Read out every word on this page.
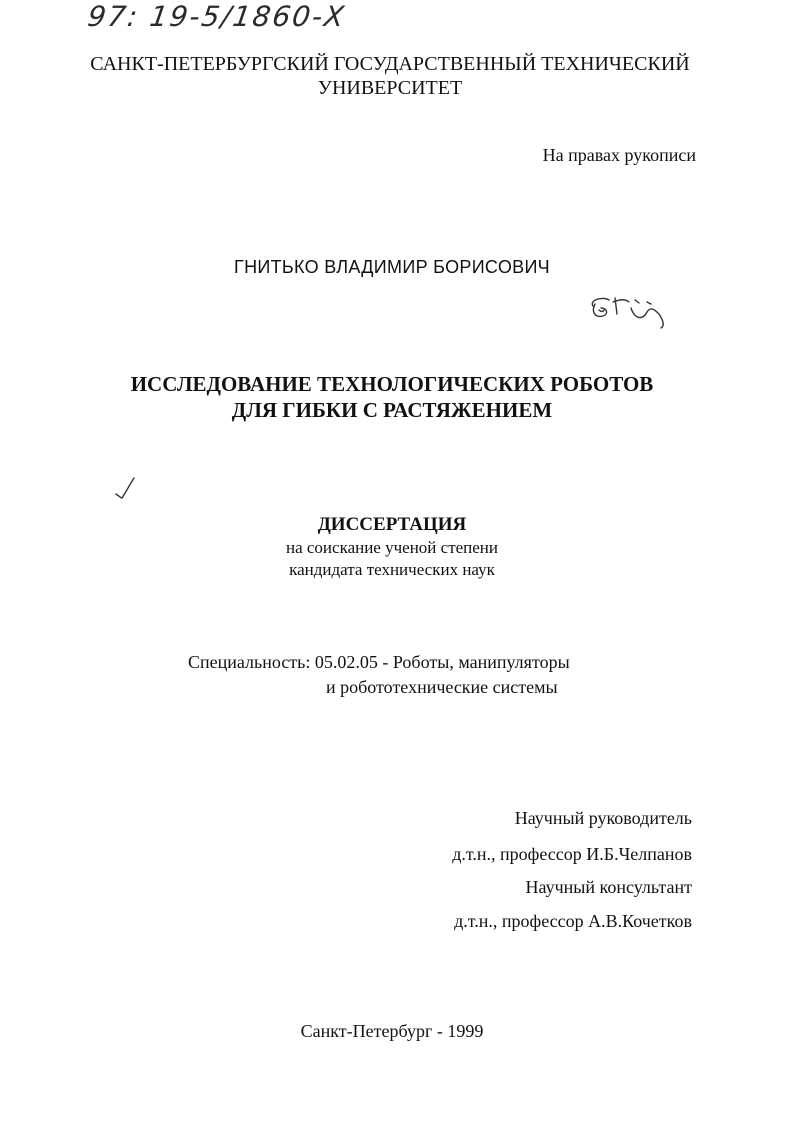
97: 19-5/1860-Х
САНКТ-ПЕТЕРБУРГСКИЙ ГОСУДАРСТВЕННЫЙ ТЕХНИЧЕСКИЙ УНИВЕРСИТЕТ
На правах рукописи
ГНИТЬКО ВЛАДИМИР БОРИСОВИЧ
ИССЛЕДОВАНИЕ ТЕХНОЛОГИЧЕСКИХ РОБОТОВ
ДЛЯ ГИБКИ С РАСТЯЖЕНИЕМ
ДИССЕРТАЦИЯ
на соискание ученой степени
кандидата технических наук
Специальность: 05.02.05 - Роботы, манипуляторы
и робототехнические системы
Научный руководитель
д.т.н., профессор И.Б.Челпанов
Научный консультант
д.т.н., профессор А.В.Кочетков
Санкт-Петербург - 1999
